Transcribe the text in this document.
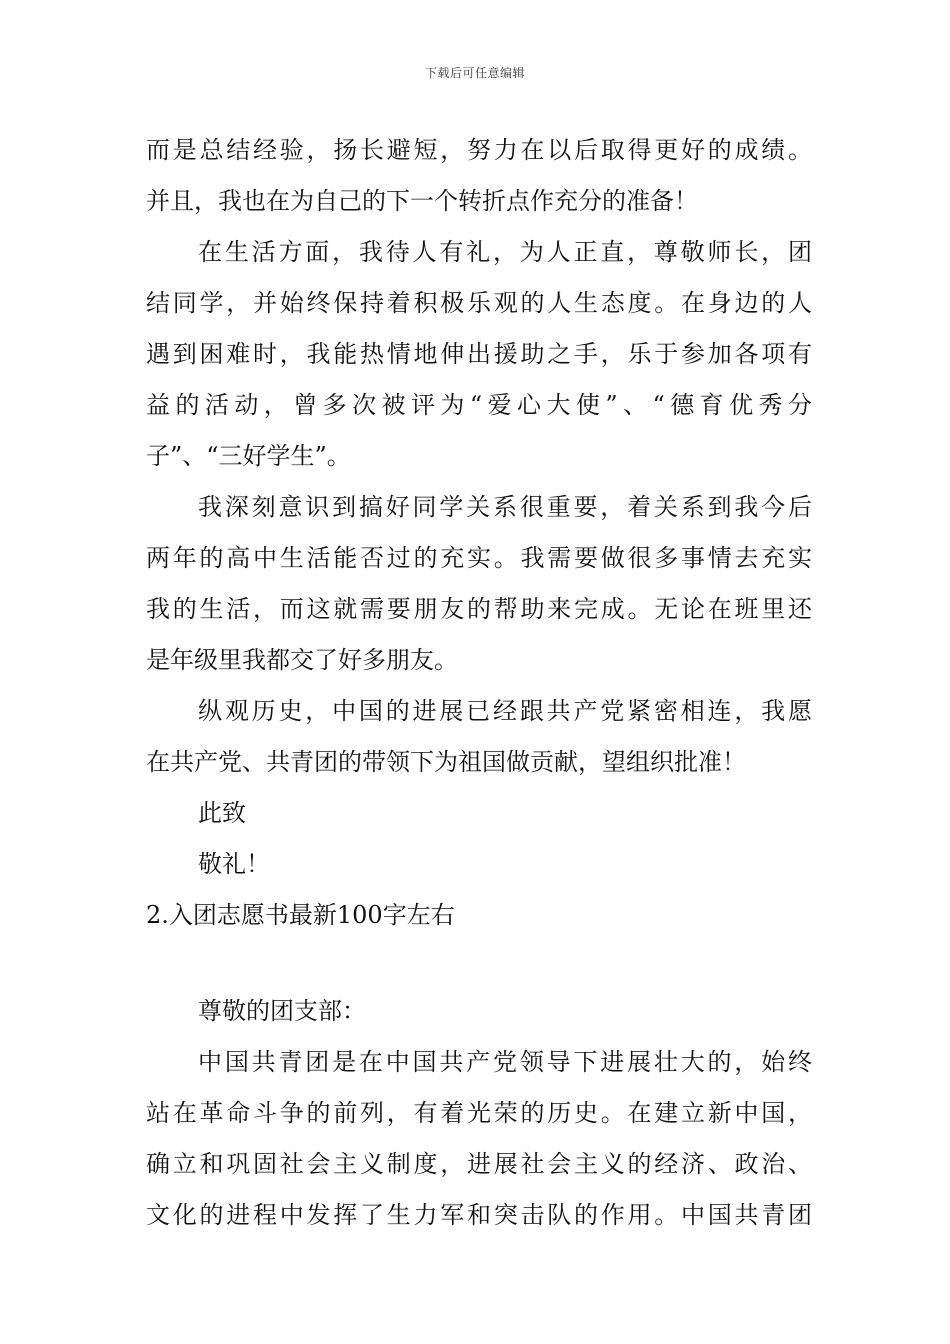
下载后可任意编辑
而是总结经验，扬长避短，努力在以后取得更好的成绩。
并且，我也在为自己的下一个转折点作充分的准备！
在生活方面，我待人有礼，为人正直，尊敬师长，团
结同学，并始终保持着积极乐观的人生态度。在身边的人
遇到困难时，我能热情地伸出援助之手，乐于参加各项有
益的活动，曾多次被评为“爱心大使”、“德育优秀分
子”、“三好学生”。
我深刻意识到搞好同学关系很重要，着关系到我今后
两年的高中生活能否过的充实。我需要做很多事情去充实
我的生活，而这就需要朋友的帮助来完成。无论在班里还
是年级里我都交了好多朋友。
纵观历史，中国的进展已经跟共产党紧密相连，我愿
在共产党、共青团的带领下为祖国做贡献，望组织批准！
此致
敬礼！
2.入团志愿书最新100字左右
尊敬的团支部：
中国共青团是在中国共产党领导下进展壮大的，始终
站在革命斗争的前列，有着光荣的历史。在建立新中国，
确立和巩固社会主义制度，进展社会主义的经济、政治、
文化的进程中发挥了生力军和突击队的作用。中国共青团
